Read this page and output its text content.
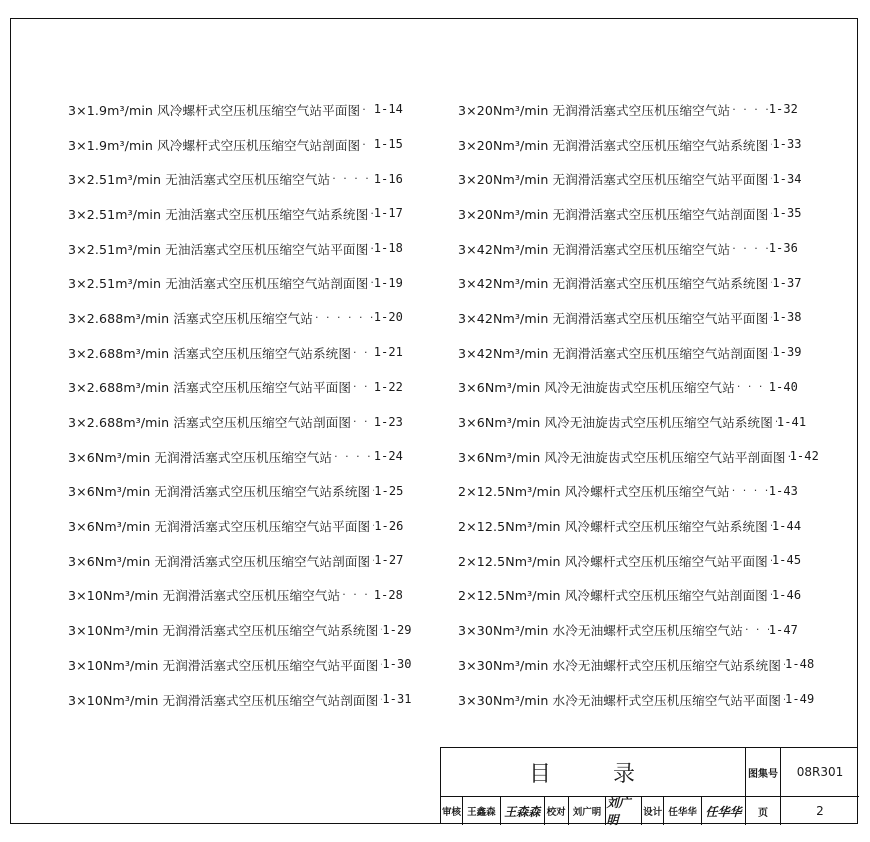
3×1.9m³/min 风冷螺杆式空压机压缩空气站平面图 · · · 1-14
3×1.9m³/min 风冷螺杆式空压机压缩空气站剖面图 · · · 1-15
3×2.51m³/min 无油活塞式空压机压缩空气站 · · ·	1-16
3×2.51m³/min 无油活塞式空压机压缩空气站系统图 · · · 1-17
3×2.51m³/min 无油活塞式空压机压缩空气站平面图 · · · 1-18
3×2.51m³/min 无油活塞式空压机压缩空气站剖面图 · · · 1-19
3×2.688m³/min 活塞式空压机压缩空气站 · · ·	1-20
3×2.688m³/min 活塞式空压机压缩空气站系统图 · · · 1-21
3×2.688m³/min 活塞式空压机压缩空气站平面图 · · · 1-22
3×2.688m³/min 活塞式空压机压缩空气站剖面图 · · · 1-23
3×6Nm³/min 无润滑活塞式空压机压缩空气站 · · ·	1-24
3×6Nm³/min 无润滑活塞式空压机压缩空气站系统图 · · · 1-25
3×6Nm³/min 无润滑活塞式空压机压缩空气站平面图 · · · 1-26
3×6Nm³/min 无润滑活塞式空压机压缩空气站剖面图 · · · 1-27
3×10Nm³/min 无润滑活塞式空压机压缩空气站 · · ·	1-28
3×10Nm³/min 无润滑活塞式空压机压缩空气站系统图 · · · 1-29
3×10Nm³/min 无润滑活塞式空压机压缩空气站平面图 · · · 1-30
3×10Nm³/min 无润滑活塞式空压机压缩空气站剖面图 · · · 1-31
3×20Nm³/min 无润滑活塞式空压机压缩空气站 · · ·	1-32
3×20Nm³/min 无润滑活塞式空压机压缩空气站系统图 · · · 1-33
3×20Nm³/min 无润滑活塞式空压机压缩空气站平面图 · · · 1-34
3×20Nm³/min 无润滑活塞式空压机压缩空气站剖面图 · · · 1-35
3×42Nm³/min 无润滑活塞式空压机压缩空气站 · · ·	1-36
3×42Nm³/min 无润滑活塞式空压机压缩空气站系统图 · · · 1-37
3×42Nm³/min 无润滑活塞式空压机压缩空气站平面图 · · · 1-38
3×42Nm³/min 无润滑活塞式空压机压缩空气站剖面图 · · · 1-39
3×6Nm³/min 风冷无油旋齿式空压机压缩空气站 · · ·	1-40
3×6Nm³/min 风冷无油旋齿式空压机压缩空气站系统图 · · · 1-41
3×6Nm³/min 风冷无油旋齿式空压机压缩空气站平剖面图 · · · 1-42
2×12.5Nm³/min 风冷螺杆式空压机压缩空气站 · · ·	1-43
2×12.5Nm³/min 风冷螺杆式空压机压缩空气站系统图 · · · 1-44
2×12.5Nm³/min 风冷螺杆式空压机压缩空气站平面图 · · · 1-45
2×12.5Nm³/min 风冷螺杆式空压机压缩空气站剖面图 · · · 1-46
3×30Nm³/min 水冷无油螺杆式空压机压缩空气站 · · · 1-47
3×30Nm³/min 水冷无油螺杆式空压机压缩空气站系统图 · · · 1-48
3×30Nm³/min 水冷无油螺杆式空压机压缩空气站平面图 · · · 1-49
目	录	图集号	08R301
审核 王鑫森 王森森 校对 刘广明
刘广明
设计 任华华 任华华	页	2
